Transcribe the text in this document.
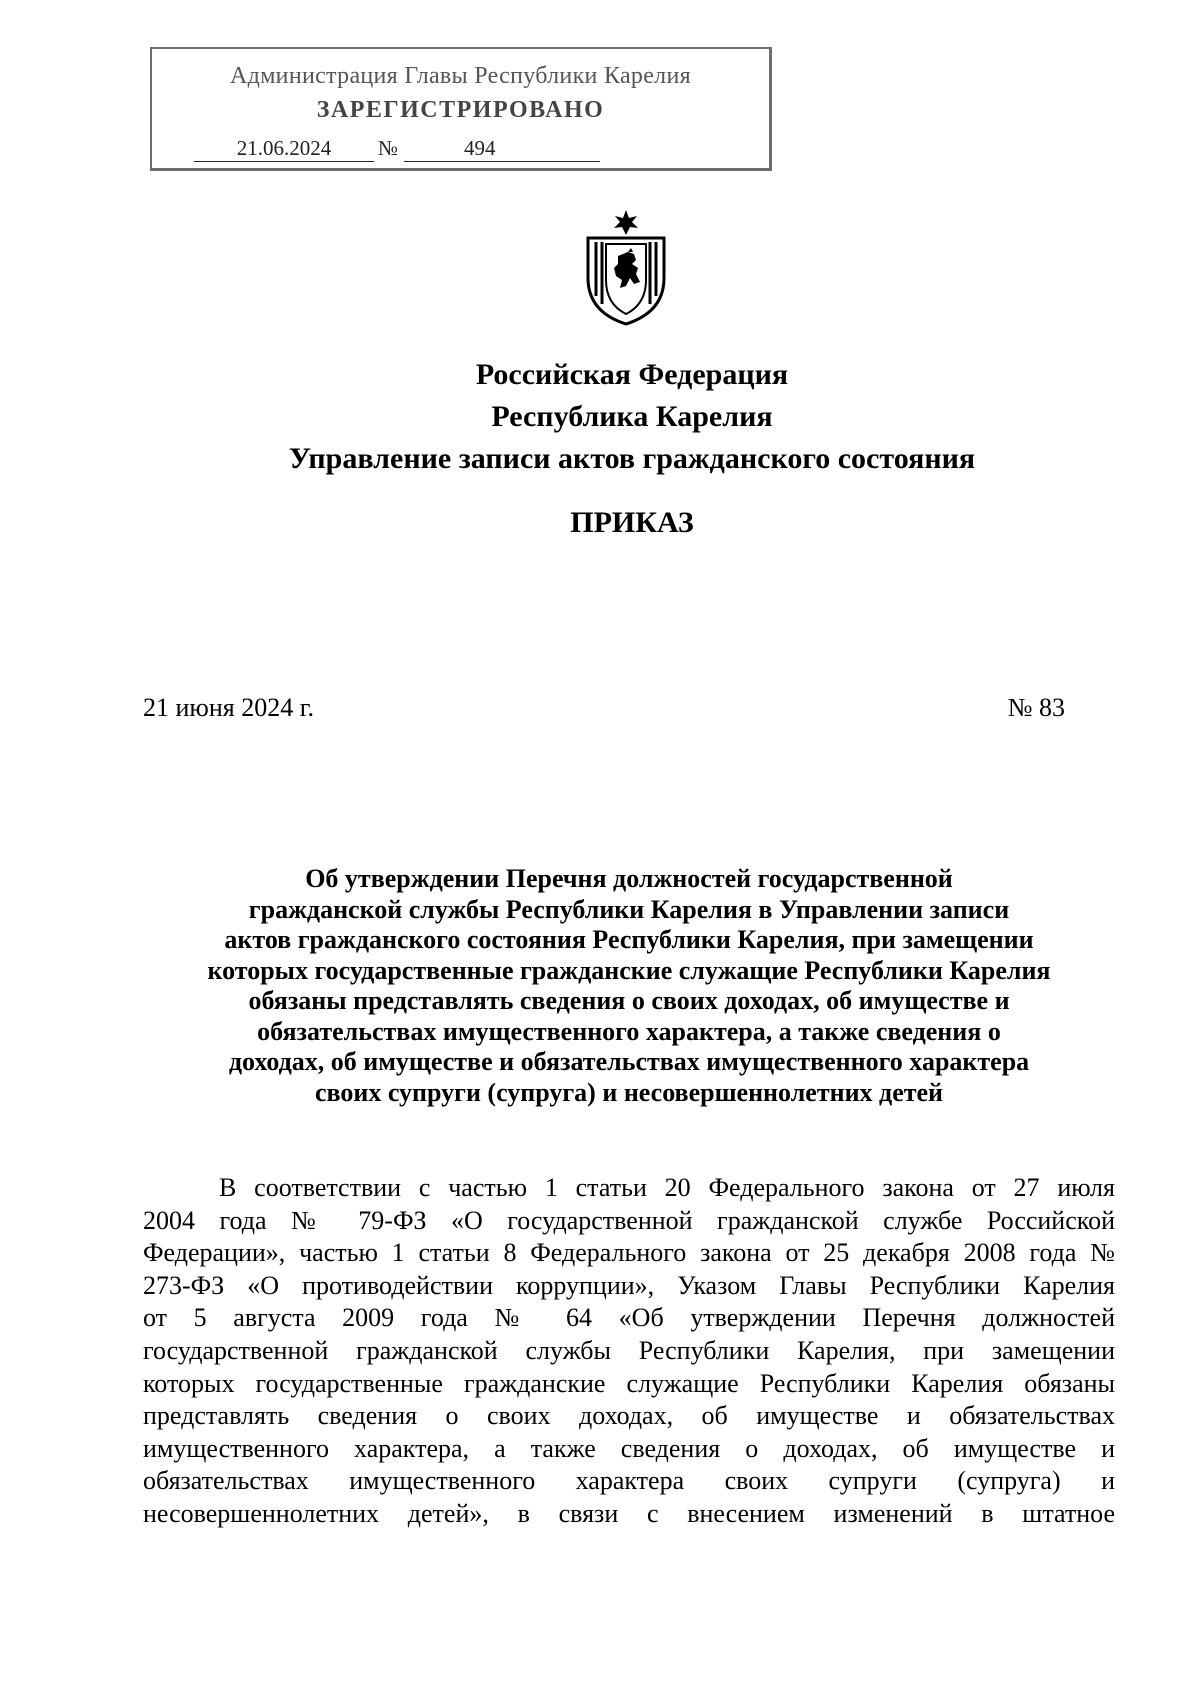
Администрация Главы Республики Карелия
ЗАРЕГИСТРИРОВАНО
21.06.2024	№	494
Российская Федерация
Республика Карелия
Управление записи актов гражданского состояния
ПРИКАЗ
21 июня 2024 г.	№ 83
Об утверждении Перечня должностей государственной
гражданской службы Республики Карелия в Управлении записи
актов гражданского состояния Республики Карелия, при замещении
которых государственные гражданские служащие Республики Карелия
обязаны представлять сведения о своих доходах, об имуществе и
обязательствах имущественного характера, а также сведения о
доходах, об имуществе и обязательствах имущественного характера
своих супруги (супруга) и несовершеннолетних детей
В соответствии с частью 1 статьи 20 Федерального закона от 27 июля
2004 года № 79-ФЗ «О государственной гражданской службе Российской
Федерации», частью 1 статьи 8 Федерального закона от 25 декабря 2008 года №
273-ФЗ «О противодействии коррупции», Указом Главы Республики Карелия
от 5 августа 2009 года № 64 «Об утверждении Перечня должностей
государственной гражданской службы Республики Карелия, при замещении
которых государственные гражданские служащие Республики Карелия обязаны
представлять сведения о своих доходах, об имуществе и обязательствах
имущественного характера, а также сведения о доходах, об имуществе и
обязательствах имущественного характера своих супруги (супруга) и
несовершеннолетних детей», в связи с внесением изменений в штатное
